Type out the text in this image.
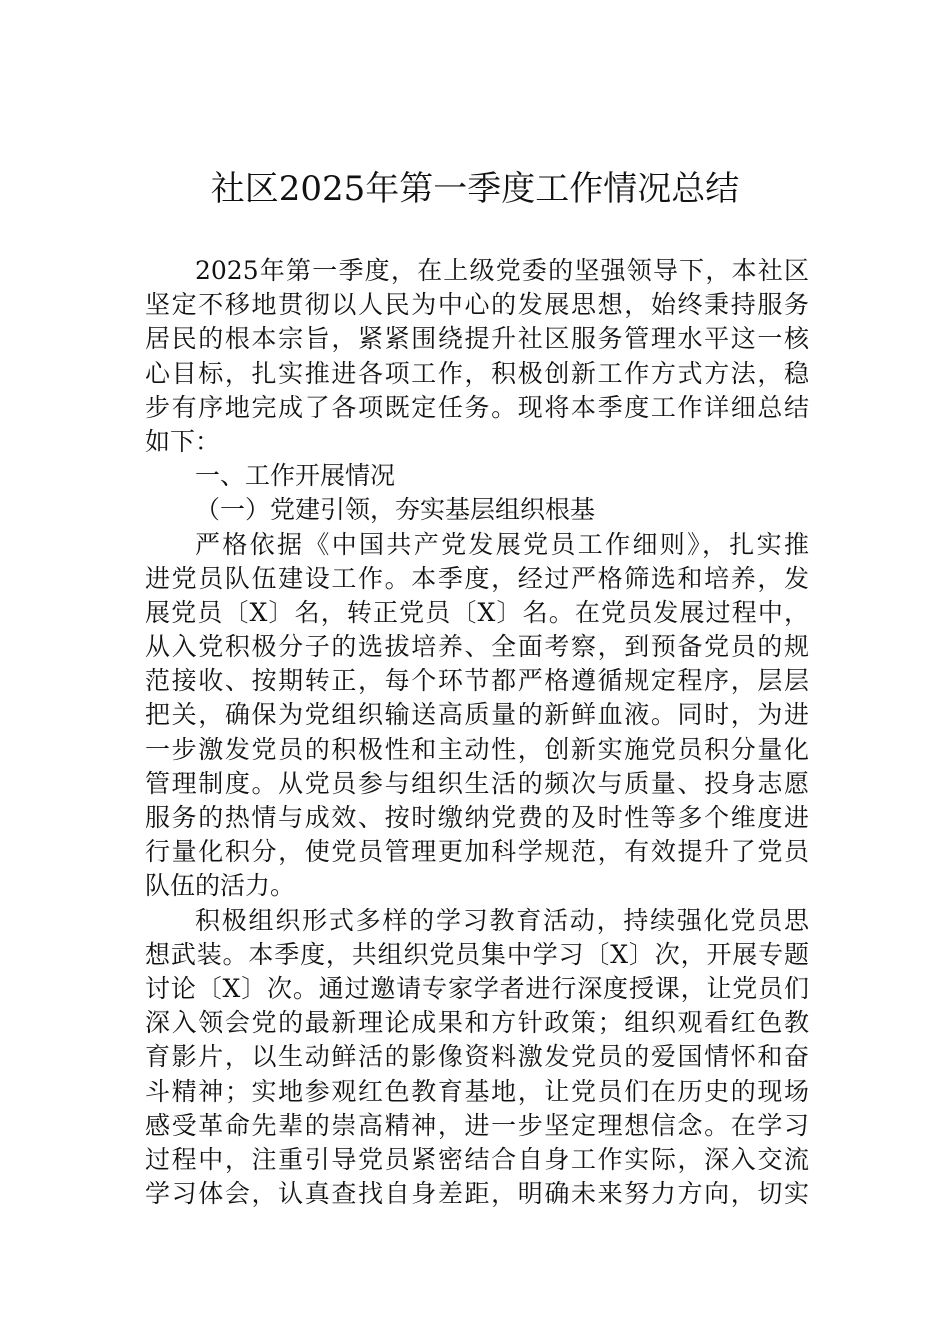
社区2025年第一季度工作情况总结
2025年第一季度，在上级党委的坚强领导下，本社区
坚定不移地贯彻以人民为中心的发展思想，始终秉持服务
居民的根本宗旨，紧紧围绕提升社区服务管理水平这一核
心目标，扎实推进各项工作，积极创新工作方式方法，稳
步有序地完成了各项既定任务。现将本季度工作详细总结
如下：
一、工作开展情况
（一）党建引领，夯实基层组织根基
严格依据《中国共产党发展党员工作细则》，扎实推
进党员队伍建设工作。本季度，经过严格筛选和培养，发
展党员〔X〕名，转正党员〔X〕名。在党员发展过程中，
从入党积极分子的选拔培养、全面考察，到预备党员的规
范接收、按期转正，每个环节都严格遵循规定程序，层层
把关，确保为党组织输送高质量的新鲜血液。同时，为进
一步激发党员的积极性和主动性，创新实施党员积分量化
管理制度。从党员参与组织生活的频次与质量、投身志愿
服务的热情与成效、按时缴纳党费的及时性等多个维度进
行量化积分，使党员管理更加科学规范，有效提升了党员
队伍的活力。
积极组织形式多样的学习教育活动，持续强化党员思
想武装。本季度，共组织党员集中学习〔X〕次，开展专题
讨论〔X〕次。通过邀请专家学者进行深度授课，让党员们
深入领会党的最新理论成果和方针政策；组织观看红色教
育影片，以生动鲜活的影像资料激发党员的爱国情怀和奋
斗精神；实地参观红色教育基地，让党员们在历史的现场
感受革命先辈的崇高精神，进一步坚定理想信念。在学习
过程中，注重引导党员紧密结合自身工作实际，深入交流
学习体会，认真查找自身差距，明确未来努力方向，切实
